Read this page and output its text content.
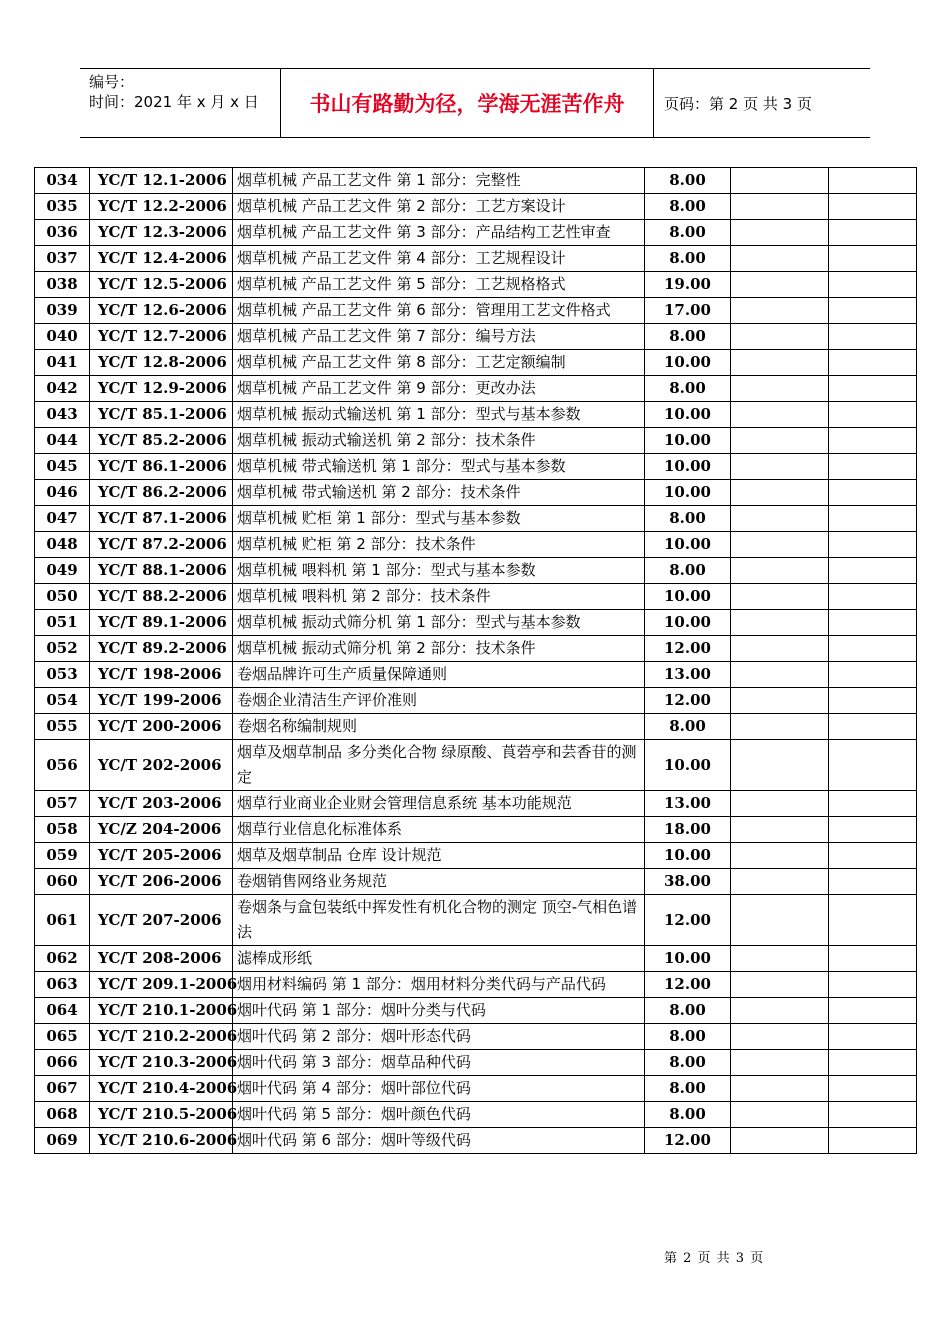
编号：
时间：2021 年 x 月 x 日	书山有路勤为径，学海无涯苦作舟	页码：第 2 页 共 3 页
034	YC/T 12.1-2006	烟草机械 产品工艺文件 第 1 部分：完整性	8.00		
035	YC/T 12.2-2006	烟草机械 产品工艺文件 第 2 部分：工艺方案设计	8.00		
036	YC/T 12.3-2006	烟草机械 产品工艺文件 第 3 部分：产品结构工艺性审查	8.00		
037	YC/T 12.4-2006	烟草机械 产品工艺文件 第 4 部分：工艺规程设计	8.00		
038	YC/T 12.5-2006	烟草机械 产品工艺文件 第 5 部分：工艺规格格式	19.00		
039	YC/T 12.6-2006	烟草机械 产品工艺文件 第 6 部分：管理用工艺文件格式	17.00		
040	YC/T 12.7-2006	烟草机械 产品工艺文件 第 7 部分：编号方法	8.00		
041	YC/T 12.8-2006	烟草机械 产品工艺文件 第 8 部分：工艺定额编制	10.00		
042	YC/T 12.9-2006	烟草机械 产品工艺文件 第 9 部分：更改办法	8.00		
043	YC/T 85.1-2006	烟草机械 振动式输送机 第 1 部分：型式与基本参数	10.00		
044	YC/T 85.2-2006	烟草机械 振动式输送机 第 2 部分：技术条件	10.00		
045	YC/T 86.1-2006	烟草机械 带式输送机 第 1 部分：型式与基本参数	10.00		
046	YC/T 86.2-2006	烟草机械 带式输送机 第 2 部分：技术条件	10.00		
047	YC/T 87.1-2006	烟草机械 贮柜 第 1 部分：型式与基本参数	8.00		
048	YC/T 87.2-2006	烟草机械 贮柜 第 2 部分：技术条件	10.00		
049	YC/T 88.1-2006	烟草机械 喂料机 第 1 部分：型式与基本参数	8.00		
050	YC/T 88.2-2006	烟草机械 喂料机 第 2 部分：技术条件	10.00		
051	YC/T 89.1-2006	烟草机械 振动式筛分机 第 1 部分：型式与基本参数	10.00		
052	YC/T 89.2-2006	烟草机械 振动式筛分机 第 2 部分：技术条件	12.00		
053	YC/T 198-2006	卷烟品牌许可生产质量保障通则	13.00		
054	YC/T 199-2006	卷烟企业清洁生产评价准则	12.00		
055	YC/T 200-2006	卷烟名称编制规则	8.00		
056	YC/T 202-2006	烟草及烟草制品 多分类化合物 绿原酸、莨菪亭和芸香苷的测定	10.00		
057	YC/T 203-2006	烟草行业商业企业财会管理信息系统 基本功能规范	13.00		
058	YC/Z 204-2006	烟草行业信息化标准体系	18.00		
059	YC/T 205-2006	烟草及烟草制品 仓库 设计规范	10.00		
060	YC/T 206-2006	卷烟销售网络业务规范	38.00		
061	YC/T 207-2006	卷烟条与盒包装纸中挥发性有机化合物的测定 顶空-气相色谱法	12.00		
062	YC/T 208-2006	滤棒成形纸	10.00		
063	YC/T 209.1-2006	烟用材料编码 第 1 部分：烟用材料分类代码与产品代码	12.00		
064	YC/T 210.1-2006	烟叶代码 第 1 部分：烟叶分类与代码	8.00		
065	YC/T 210.2-2006	烟叶代码 第 2 部分：烟叶形态代码	8.00		
066	YC/T 210.3-2006	烟叶代码 第 3 部分：烟草品种代码	8.00		
067	YC/T 210.4-2006	烟叶代码 第 4 部分：烟叶部位代码	8.00		
068	YC/T 210.5-2006	烟叶代码 第 5 部分：烟叶颜色代码	8.00		
069	YC/T 210.6-2006	烟叶代码 第 6 部分：烟叶等级代码	12.00		
第 2 页 共 3 页
